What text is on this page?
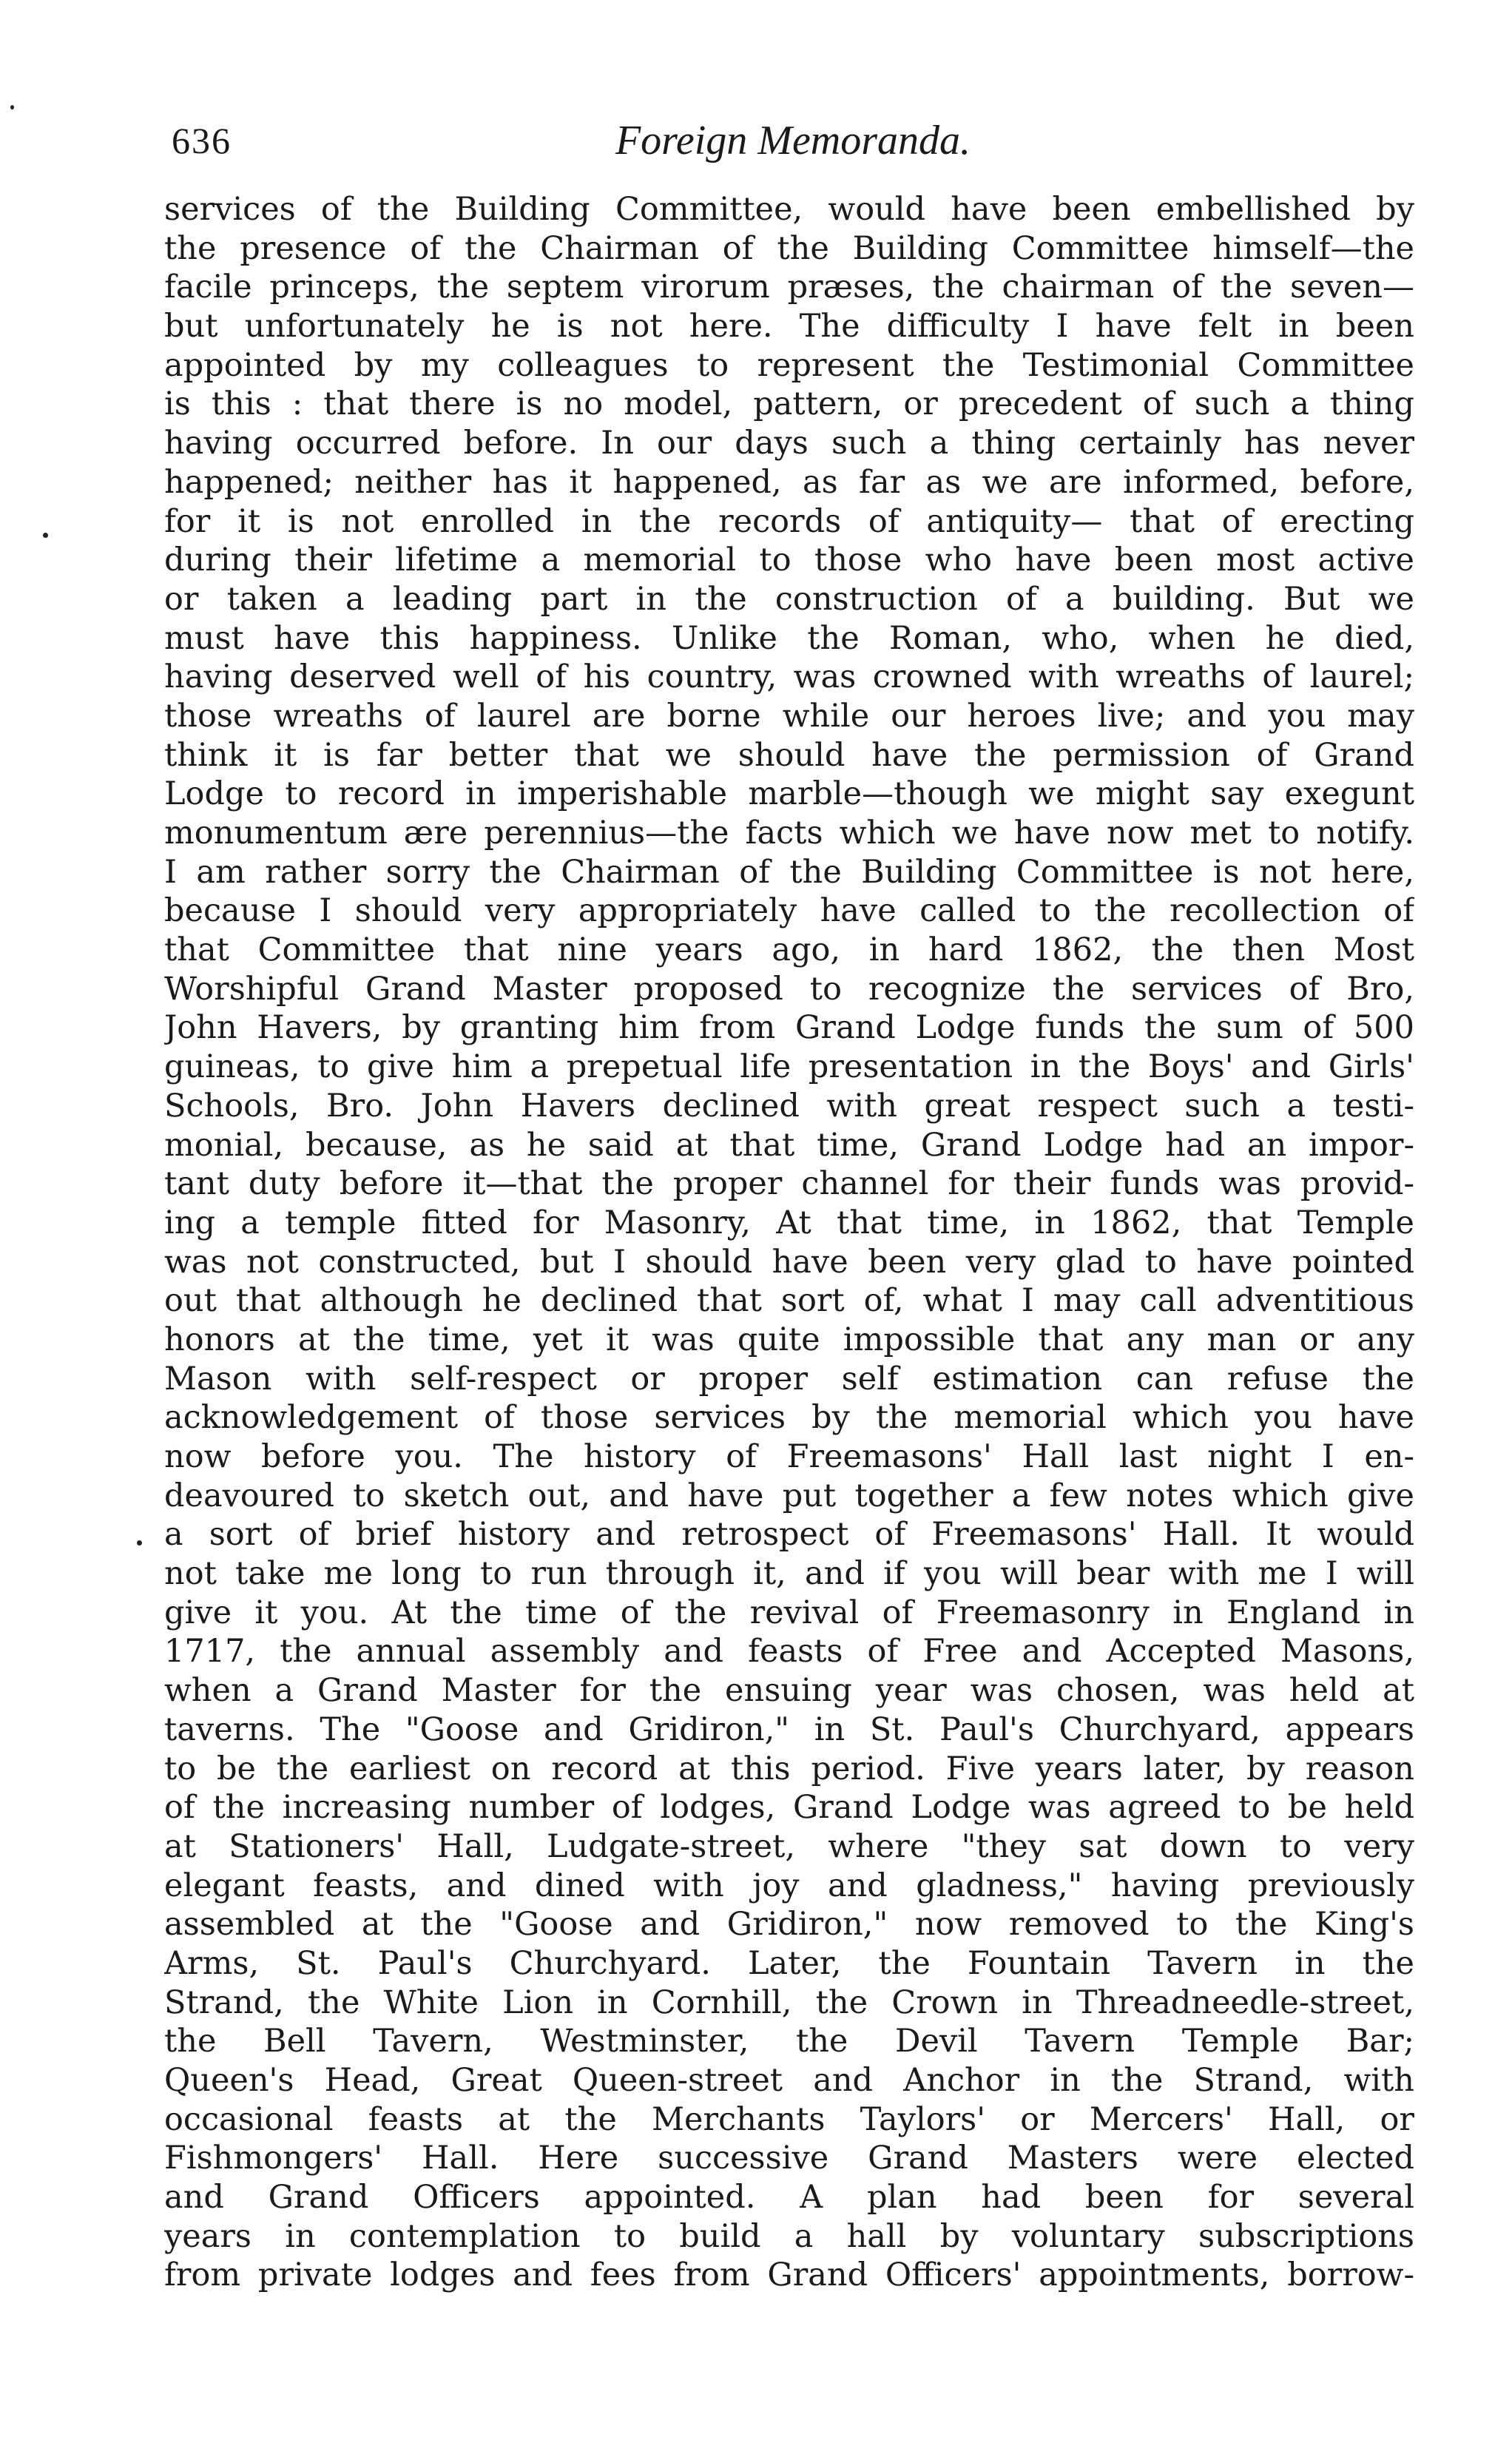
636	Foreign Memoranda.
services of the Building Committee, would have been embellished by
the presence of the Chairman of the Building Committee himself—the
facile princeps, the septem virorum præses, the chairman of the seven—
but unfortunately he is not here. The difficulty I have felt in been
appointed by my colleagues to represent the Testimonial Committee
is this : that there is no model, pattern, or precedent of such a thing
having occurred before. In our days such a thing certainly has never
happened; neither has it happened, as far as we are informed, before,
for it is not enrolled in the records of antiquity— that of erecting
during their lifetime a memorial to those who have been most active
or taken a leading part in the construction of a building. But we
must have this happiness. Unlike the Roman, who, when he died,
having deserved well of his country, was crowned with wreaths of laurel;
those wreaths of laurel are borne while our heroes live; and you may
think it is far better that we should have the permission of Grand
Lodge to record in imperishable marble—though we might say exegunt
monumentum ære perennius—the facts which we have now met to notify.
I am rather sorry the Chairman of the Building Committee is not here,
because I should very appropriately have called to the recollection of
that Committee that nine years ago, in hard 1862, the then Most
Worshipful Grand Master proposed to recognize the services of Bro,
John Havers, by granting him from Grand Lodge funds the sum of 500
guineas, to give him a prepetual life presentation in the Boys' and Girls'
Schools, Bro. John Havers declined with great respect such a testi-
monial, because, as he said at that time, Grand Lodge had an impor-
tant duty before it—that the proper channel for their funds was provid-
ing a temple fitted for Masonry, At that time, in 1862, that Temple
was not constructed, but I should have been very glad to have pointed
out that although he declined that sort of, what I may call adventitious
honors at the time, yet it was quite impossible that any man or any
Mason with self-respect or proper self estimation can refuse the
acknowledgement of those services by the memorial which you have
now before you. The history of Freemasons' Hall last night I en-
deavoured to sketch out, and have put together a few notes which give
a sort of brief history and retrospect of Freemasons' Hall. It would
not take me long to run through it, and if you will bear with me I will
give it you. At the time of the revival of Freemasonry in England in
1717, the annual assembly and feasts of Free and Accepted Masons,
when a Grand Master for the ensuing year was chosen, was held at
taverns. The "Goose and Gridiron," in St. Paul's Churchyard, appears
to be the earliest on record at this period. Five years later, by reason
of the increasing number of lodges, Grand Lodge was agreed to be held
at Stationers' Hall, Ludgate-street, where "they sat down to very
elegant feasts, and dined with joy and gladness," having previously
assembled at the "Goose and Gridiron," now removed to the King's
Arms, St. Paul's Churchyard. Later, the Fountain Tavern in the
Strand, the White Lion in Cornhill, the Crown in Threadneedle-street,
the Bell Tavern, Westminster, the Devil Tavern Temple Bar;
Queen's Head, Great Queen-street and Anchor in the Strand, with
occasional feasts at the Merchants Taylors' or Mercers' Hall, or
Fishmongers' Hall. Here successive Grand Masters were elected
and Grand Officers appointed. A plan had been for several
years in contemplation to build a hall by voluntary subscriptions
from private lodges and fees from Grand Officers' appointments, borrow-
